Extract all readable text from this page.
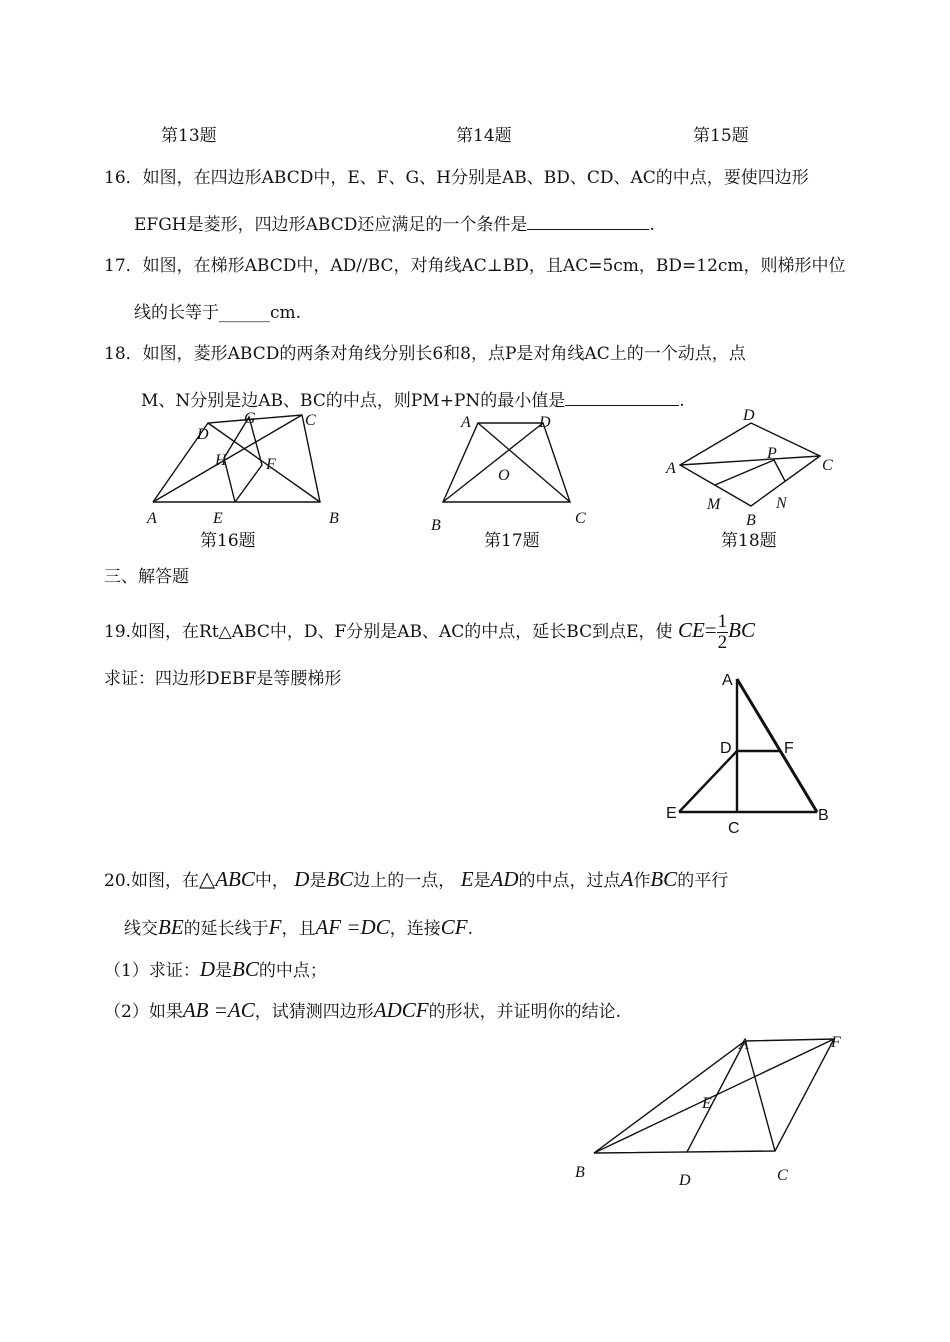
第13题	第14题	第15题
16．如图，在四边形ABCD中，E、F、G、H分别是AB、BD、CD、AC的中点，要使四边形
EFGH是菱形，四边形ABCD还应满足的一个条件是	.
17．如图，在梯形ABCD中，AD//BC，对角线AC⊥BD，且AC=5cm，BD=12cm，则梯形中位
线的长等于______cm.
18．如图，菱形ABCD的两条对角线分别长6和8，点P是对角线AC上的一个动点，点
M、N分别是边AB、BC的中点，则PM+PN的最小值是	.
A	B
C
D
E
F
G
H
第16题
A	D
B	C
O
第17题
D
A	C
P
M	N
B
第18题
三、解答题
19.如图，在Rt△ABC中，D、F分别是AB、AC的中点，延长BC到点E，使 $CE= \frac{1}{2}$ BC
求证：四边形DEBF是等腰梯形	A
D	F
E
C
B
20.如图，在△ABC中， D是BC边上的一点， E是AD的中点，过点A作BC的平行
线交BE的延长线于F，且AF =DC，连接CF.
（1）求证：D是BC的中点；
（2）如果AB =AC，试猜测四边形ADCF的形状，并证明你的结论.
A	F
E
B	D	C
